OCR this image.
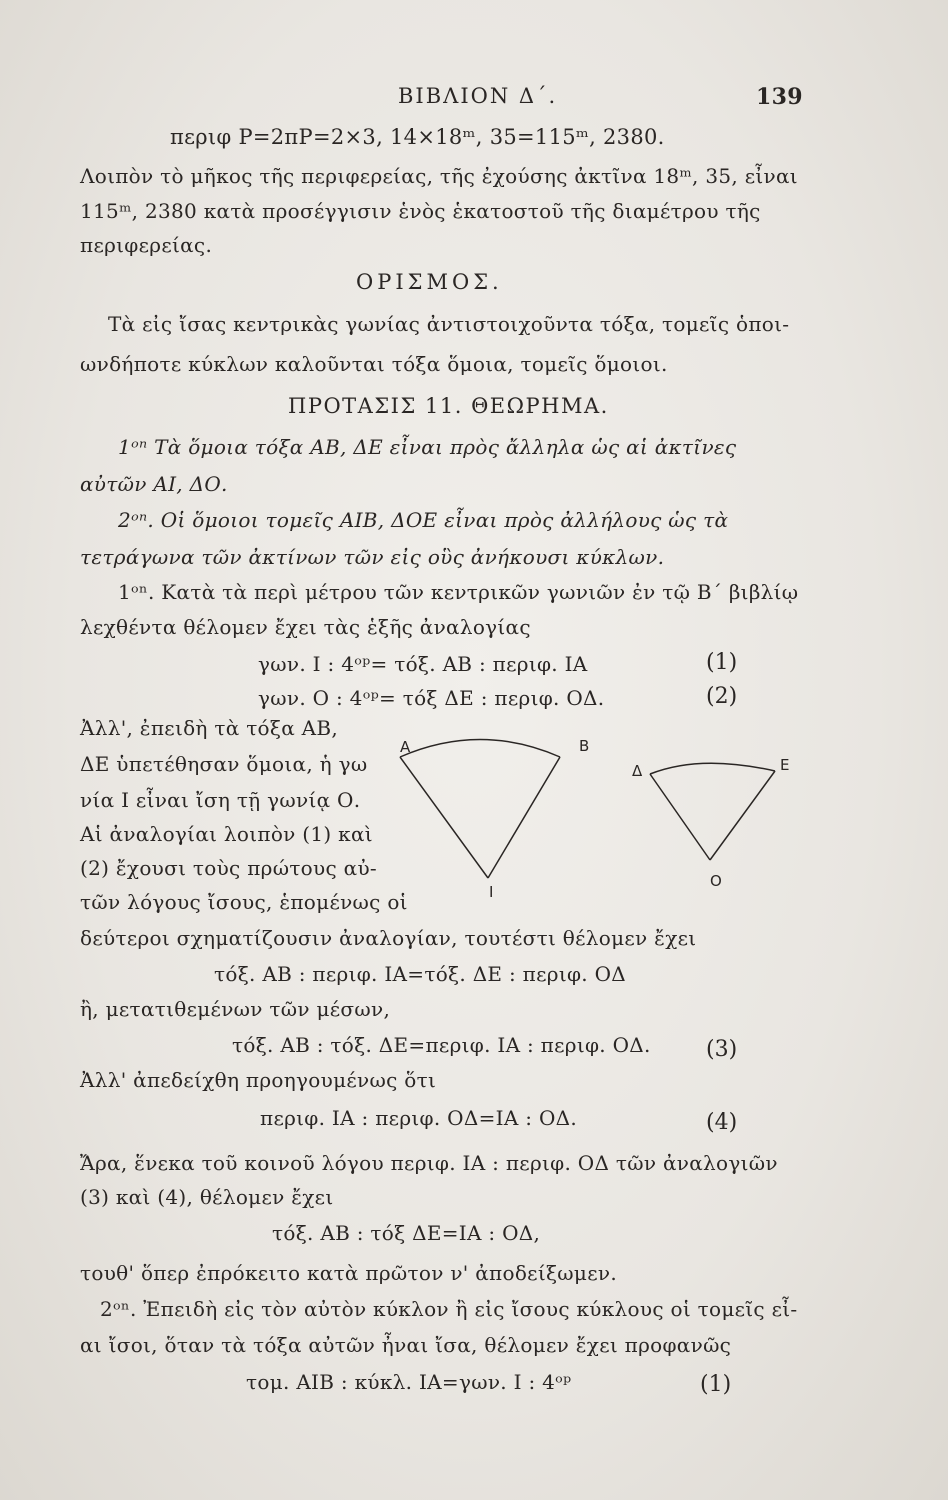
ΒΙΒΛΙΟΝ Δ΄.	139
περιφ Ρ=2πΡ=2×3, 14×18ᵐ, 35=115ᵐ, 2380.
Λοιπὸν τὸ μῆκος τῆς περιφερείας, τῆς ἐχούσης ἀκτῖνα 18ᵐ, 35, εἶναι
115ᵐ, 2380 κατὰ προσέγγισιν ἑνὸς ἑκατοστοῦ τῆς διαμέτρου τῆς
περιφερείας.
ΟΡΙΣΜΟΣ.
Τὰ εἰς ἴσας κεντρικὰς γωνίας ἀντιστοιχοῦντα τόξα, τομεῖς ὁποι-
ωνδήποτε κύκλων καλοῦνται τόξα ὅμοια, τομεῖς ὅμοιοι.
ΠΡΟΤΑΣΙΣ 11. ΘΕΩΡΗΜΑ.
1ᵒⁿ Τὰ ὅμοια τόξα ΑΒ, ΔΕ εἶναι πρὸς ἄλληλα ὡς αἱ ἀκτῖνες
αὐτῶν ΑΙ, ΔΟ.
2ᵒⁿ. Οἱ ὅμοιοι τομεῖς ΑΙΒ, ΔΟΕ εἶναι πρὸς ἀλλήλους ὡς τὰ
τετράγωνα τῶν ἀκτίνων τῶν εἰς οὓς ἀνήκουσι κύκλων.
1ᵒⁿ. Κατὰ τὰ περὶ μέτρου τῶν κεντρικῶν γωνιῶν ἐν τῷ Β΄ βιβλίῳ
λεχθέντα θέλομεν ἔχει τὰς ἑξῆς ἀναλογίας
γων. Ι : 4ᵒᵖ= τόξ. ΑΒ : περιφ. ΙΑ	(1)
γων. Ο : 4ᵒᵖ= τόξ ΔΕ : περιφ. ΟΔ.	(2)
Ἀλλ', ἐπειδὴ τὰ τόξα ΑΒ,
ΔΕ ὑπετέθησαν ὅμοια, ἡ γω
νία Ι εἶναι ἴση τῇ γωνίᾳ Ο.
Αἱ ἀναλογίαι λοιπὸν (1) καὶ
(2) ἔχουσι τοὺς πρώτους αὐ-
τῶν λόγους ἴσους, ἑπομένως οἱ
A	B
I
Δ	E
O
δεύτεροι σχηματίζουσιν ἀναλογίαν, τουτέστι θέλομεν ἔχει
τόξ. ΑΒ : περιφ. ΙΑ=τόξ. ΔΕ : περιφ. ΟΔ
ἢ, μετατιθεμένων τῶν μέσων,
τόξ. ΑΒ : τόξ. ΔΕ=περιφ. ΙΑ : περιφ. ΟΔ.	(3)
Ἀλλ' ἀπεδείχθη προηγουμένως ὅτι
περιφ. ΙΑ : περιφ. ΟΔ=ΙΑ : ΟΔ.	(4)
Ἄρα, ἕνεκα τοῦ κοινοῦ λόγου περιφ. ΙΑ : περιφ. ΟΔ τῶν ἀναλογιῶν
(3) καὶ (4), θέλομεν ἔχει
τόξ. ΑΒ : τόξ ΔΕ=ΙΑ : ΟΔ,
τουθ' ὅπερ ἐπρόκειτο κατὰ πρῶτον ν' ἀποδείξωμεν.
2ᵒⁿ. Ἐπειδὴ εἰς τὸν αὐτὸν κύκλον ἢ εἰς ἴσους κύκλους οἱ τομεῖς εἶ-
αι ἴσοι, ὅταν τὰ τόξα αὐτῶν ἦναι ἴσα, θέλομεν ἔχει προφανῶς
τομ. ΑΙΒ : κύκλ. ΙΑ=γων. Ι : 4ᵒᵖ	(1)
